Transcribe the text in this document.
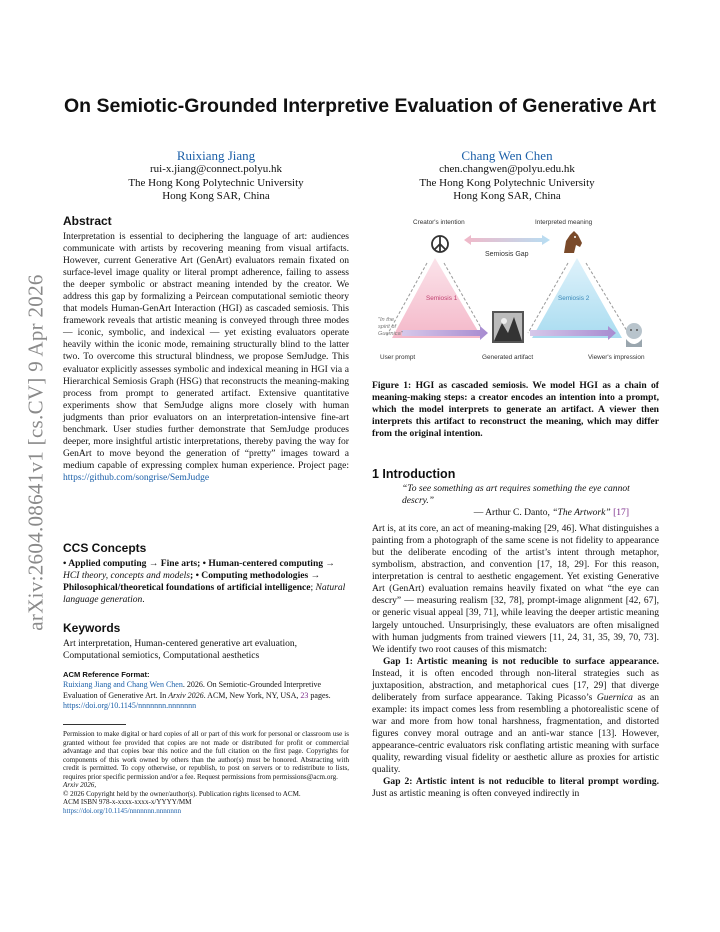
arXiv:2604.08641v1 [cs.CV] 9 Apr 2026
On Semiotic-Grounded Interpretive Evaluation of Generative Art
Ruixiang Jiang
rui-x.jiang@connect.polyu.hk
The Hong Kong Polytechnic University
Hong Kong SAR, China
Chang Wen Chen
chen.changwen@polyu.edu.hk
The Hong Kong Polytechnic University
Hong Kong SAR, China
Abstract

Interpretation is essential to deciphering the language of art: audiences communicate with artists by recovering meaning from visual artifacts. However, current Generative Art (GenArt) evaluators remain fixated on surface-level image quality or literal prompt adherence, failing to assess the deeper symbolic or abstract meaning intended by the creator. We address this gap by formalizing a Peircean computational semiotic theory that models Human-GenArt Interaction (HGI) as cascaded semiosis. This framework reveals that artistic meaning is conveyed through three modes — iconic, symbolic, and indexical — yet existing evaluators operate heavily within the iconic mode, remaining structurally blind to the latter two. To overcome this structural blindness, we propose SemJudge. This evaluator explicitly assesses symbolic and indexical meaning in HGI via a Hierarchical Semiosis Graph (HSG) that reconstructs the meaning-making process from prompt to generated artifact. Extensive quantitative experiments show that SemJudge aligns more closely with human judgments than prior evaluators on an interpretation-intensive fine-art benchmark. User studies further demonstrate that SemJudge produces deeper, more insightful artistic interpretations, thereby paving the way for GenArt to move beyond the generation of “pretty” images toward a medium capable of expressing complex human experience. Project page: https://github.com/songrise/SemJudge

CCS Concepts

• Applied computing → Fine arts; • Human-centered computing → HCI theory, concepts and models; • Computing methodologies → Philosophical/theoretical foundations of artificial intelligence; Natural language generation.

Keywords

Art interpretation, Human-centered generative art evaluation, Computational semiotics, Computational aesthetics

ACM Reference Format:

Ruixiang Jiang and Chang Wen Chen. 2026. On Semiotic-Grounded Interpretive Evaluation of Generative Art. In Arxiv 2026. ACM, New York, NY, USA, 23 pages. https://doi.org/10.1145/nnnnnnn.nnnnnnn

Permission to make digital or hard copies of all or part of this work for personal or classroom use is granted without fee provided that copies are not made or distributed for profit or commercial advantage and that copies bear this notice and the full citation on the first page. Copyrights for components of this work owned by others than the author(s) must be honored. Abstracting with credit is permitted. To copy otherwise, or republish, to post on servers or to redistribute to lists, requires prior specific permission and/or a fee. Request permissions from permissions@acm.org.

Arxiv 2026,

© 2026 Copyright held by the owner/author(s). Publication rights licensed to ACM.

ACM ISBN 978-x-xxxx-xxxx-x/YYYY/MM

https://doi.org/10.1145/nnnnnnn.nnnnnnn

Creator's intention	Interpreted meaning
Semiosis Gap
Semiosis 1	Semiosis 2
"In the
spirit of
Guernica"
User prompt	Generated artifact	Viewer's impression
Figure 1: HGI as cascaded semiosis. We model HGI as a chain of meaning-making steps: a creator encodes an intention into a prompt, which the model interprets to generate an artifact. A viewer then interprets this artifact to reconstruct the meaning, which may differ from the original intention.
1 Introduction

“To see something as art requires something the eye cannot descry.”

— Arthur C. Danto, “The Artwork” [17]

Art is, at its core, an act of meaning-making [29, 46]. What distinguishes a painting from a photograph of the same scene is not fidelity to appearance but the deliberate encoding of the artist’s intent through metaphor, symbolism, abstraction, and convention [17, 18, 29]. For this reason, interpretation is central to aesthetic engagement. Yet existing Generative Art (GenArt) evaluation remains heavily fixated on what “the eye can descry” — measuring realism [32, 78], prompt-image alignment [42, 67], or generic visual appeal [39, 71], while leaving the deeper artistic meaning largely untouched. Unsurprisingly, these evaluators are often misaligned with human judgments from trained viewers [11, 24, 31, 35, 39, 70, 73]. We identify two root causes of this mismatch:

Gap 1: Artistic meaning is not reducible to surface appearance. Instead, it is often encoded through non-literal strategies such as juxtaposition, abstraction, and metaphorical cues [17, 29] that diverge deliberately from surface appearance. Taking Picasso’s Guernica as an example: its impact comes less from resembling a photorealistic scene of war and more from how tonal harshness, fragmentation, and distorted figures convey moral outrage and an anti-war stance [13]. However, appearance-centric evaluators risk conflating artistic meaning with surface quality, rewarding visual fidelity or aesthetic allure as proxies for artistic quality.

Gap 2: Artistic intent is not reducible to literal prompt wording. Just as artistic meaning is often conveyed indirectly in
